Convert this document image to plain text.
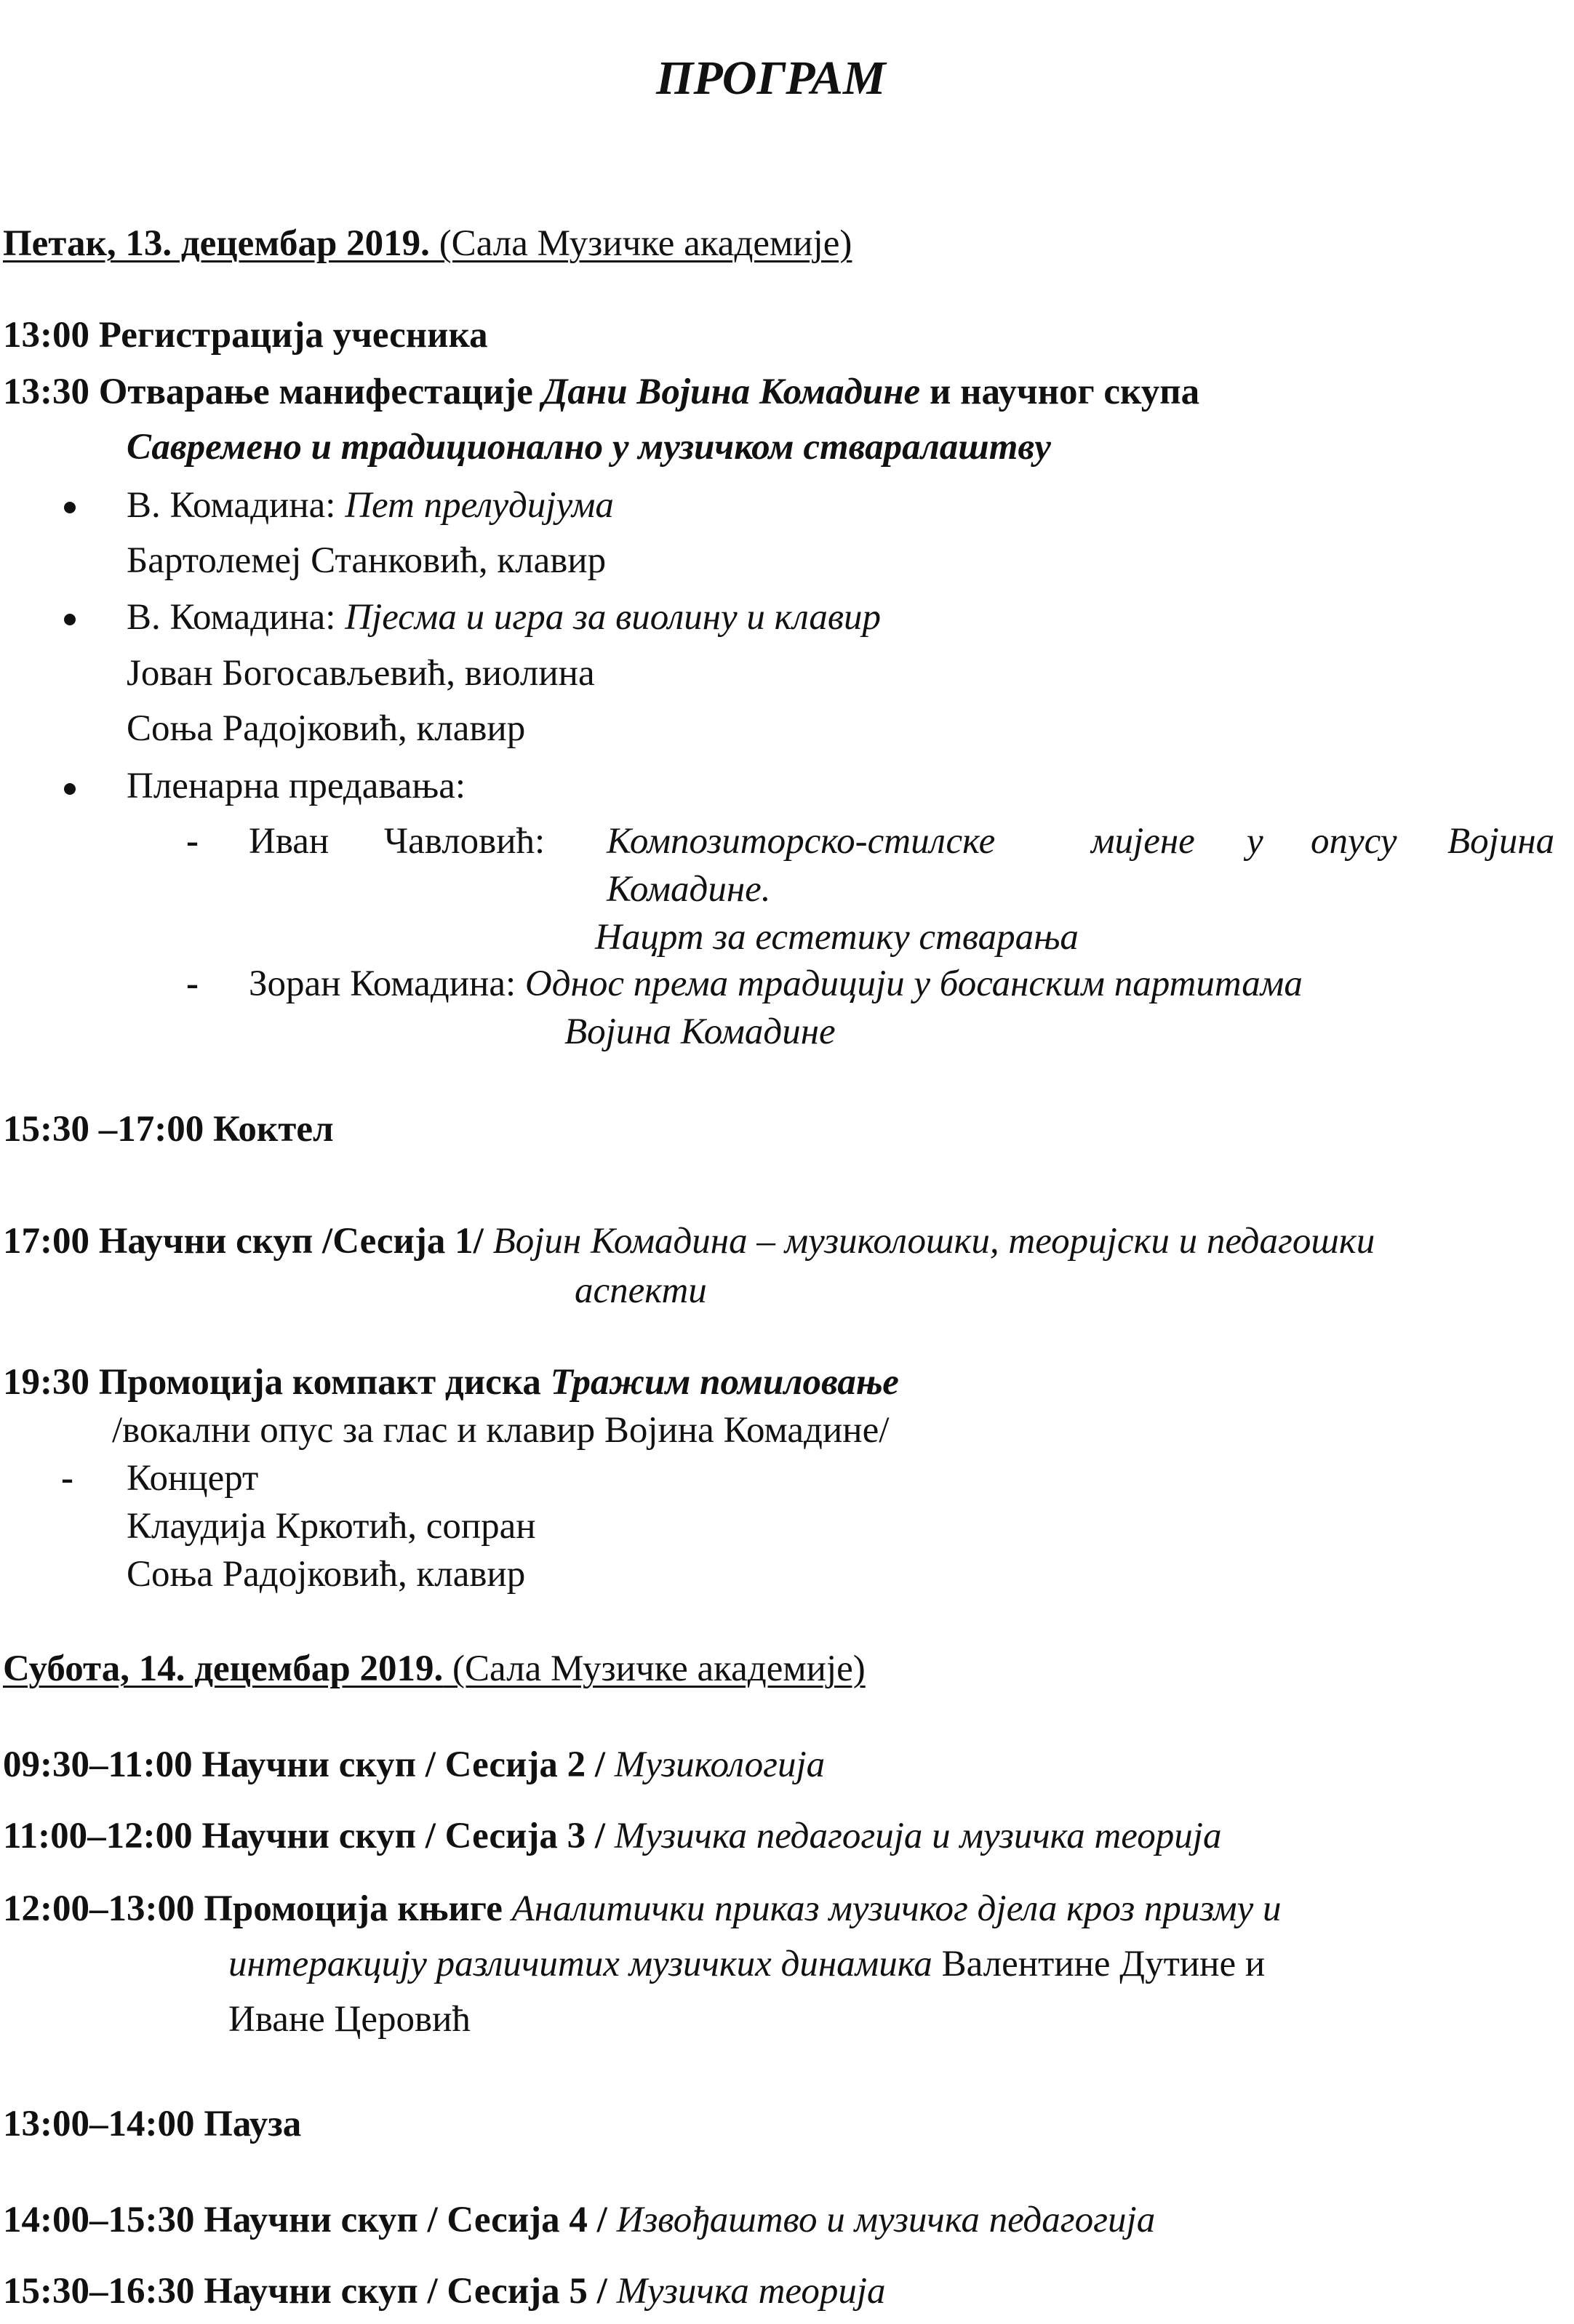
ПРОГРАМ
Петак, 13. децембар 2019. (Сала Музичке академије)
13:00 Регистрација учесника
13:30 Отварање манифестације Дани Војина Комадине и научног скупа
Савремено и традиционално у музичком стваралаштву
В. Комадина: Пет прелудијума
Бартолемеј Станковић, клавир
В. Комадина: Пјесма и игра за виолину и клавир
Јован Богосављевић, виолина
Соња Радојковић, клавир
Пленарна предавања:
- Иван Чавловић: Композиторско-стилске	мијене у опусу Војина
Комадине.
Нацрт за естетику стварања
- Зоран Комадина: Однос према традицији у босанским партитама
Војина Комадине
15:30 –17:00 Коктел
17:00 Научни скуп /Сесија 1/ Војин Комадина – музиколошки, теоријски и педагошки
аспекти
19:30 Промоција компакт диска Тражим помиловање
/вокални опус за глас и клавир Војина Комадине/
- Концерт
Клаудија Кркотић, сопран
Соња Радојковић, клавир
Субота, 14. децембар 2019. (Сала Музичке академије)
09:30–11:00 Научни скуп / Сесија 2 / Музикологија
11:00–12:00 Научни скуп / Сесија 3 / Музичка педагогија и музичка теорија
12:00–13:00 Промоција књиге Аналитички приказ музичког дјела кроз призму и
интеракцију различитих музичких динамика Валентине Дутине и
Иване Церовић
13:00–14:00 Пауза
14:00–15:30 Научни скуп / Сесија 4 / Извођаштво и музичка педагогија
15:30–16:30 Научни скуп / Сесија 5 / Музичка теорија
